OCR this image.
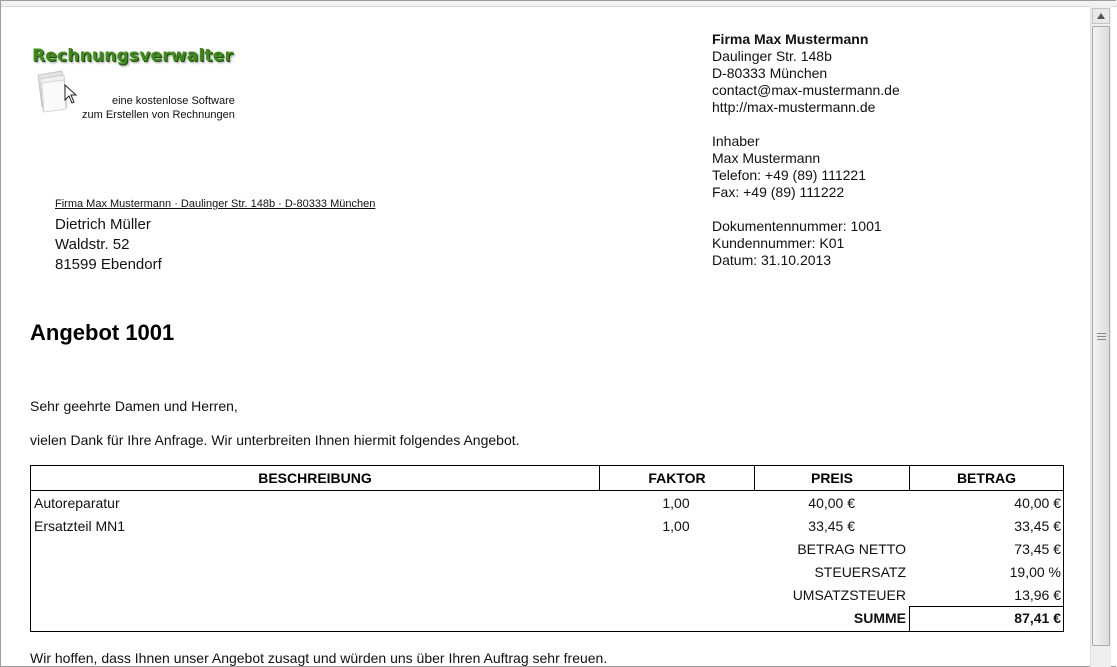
Rechnungsverwalter
eine kostenlose Software
zum Erstellen von Rechnungen
Firma Max Mustermann
Daulinger Str. 148b
D-80333 München
contact@max-mustermann.de
http://max-mustermann.de
Inhaber
Max Mustermann
Telefon: +49 (89) 111221
Fax: +49 (89) 111222
Dokumentennummer: 1001
Kundennummer: K01
Datum: 31.10.2013
Firma Max Mustermann · Daulinger Str. 148b · D-80333 München
Dietrich Müller
Waldstr. 52
81599 Ebendorf
Angebot 1001
Sehr geehrte Damen und Herren,
vielen Dank für Ihre Anfrage. Wir unterbreiten Ihnen hiermit folgendes Angebot.
BESCHREIBUNG	FAKTOR	PREIS	BETRAG
Autoreparatur	1,00	40,00 €	40,00 €
Ersatzteil MN1	1,00	33,45 €	33,45 €
BETRAG NETTO	73,45 €
STEUERSATZ	19,00 %
UMSATZSTEUER	13,96 €
SUMME	87,41 €
Wir hoffen, dass Ihnen unser Angebot zusagt und würden uns über Ihren Auftrag sehr freuen.
